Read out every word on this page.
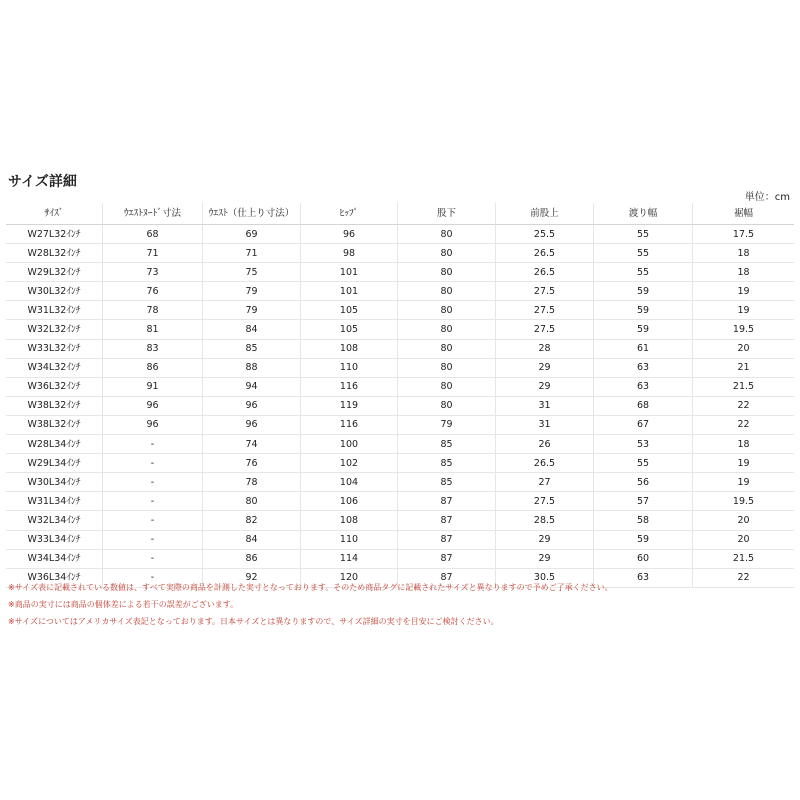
サイズ詳細
単位：cm
ｻｲｽﾞ	ｳｴｽﾄﾇｰﾄﾞ寸法	ｳｴｽﾄ（仕上り寸法）	ﾋｯﾌﾟ	股下	前股上	渡り幅	裾幅
W27L32ｲﾝﾁ	68	69	96	80	25.5	55	17.5
W28L32ｲﾝﾁ	71	71	98	80	26.5	55	18
W29L32ｲﾝﾁ	73	75	101	80	26.5	55	18
W30L32ｲﾝﾁ	76	79	101	80	27.5	59	19
W31L32ｲﾝﾁ	78	79	105	80	27.5	59	19
W32L32ｲﾝﾁ	81	84	105	80	27.5	59	19.5
W33L32ｲﾝﾁ	83	85	108	80	28	61	20
W34L32ｲﾝﾁ	86	88	110	80	29	63	21
W36L32ｲﾝﾁ	91	94	116	80	29	63	21.5
W38L32ｲﾝﾁ	96	96	119	80	31	68	22
W38L32ｲﾝﾁ	96	96	116	79	31	67	22
W28L34ｲﾝﾁ	-	74	100	85	26	53	18
W29L34ｲﾝﾁ	-	76	102	85	26.5	55	19
W30L34ｲﾝﾁ	-	78	104	85	27	56	19
W31L34ｲﾝﾁ	-	80	106	87	27.5	57	19.5
W32L34ｲﾝﾁ	-	82	108	87	28.5	58	20
W33L34ｲﾝﾁ	-	84	110	87	29	59	20
W34L34ｲﾝﾁ	-	86	114	87	29	60	21.5
W36L34ｲﾝﾁ	-	92	120	87	30.5	63	22
※サイズ表に記載されている数値は、すべて実際の商品を計測した実寸となっております。そのため商品タグに記載されたサイズと異なりますので予めご了承ください。
※商品の実寸には商品の個体差による若干の誤差がございます。
※サイズについてはアメリカサイズ表記となっております。日本サイズとは異なりますので、サイズ詳細の実寸を目安にご検討ください。
